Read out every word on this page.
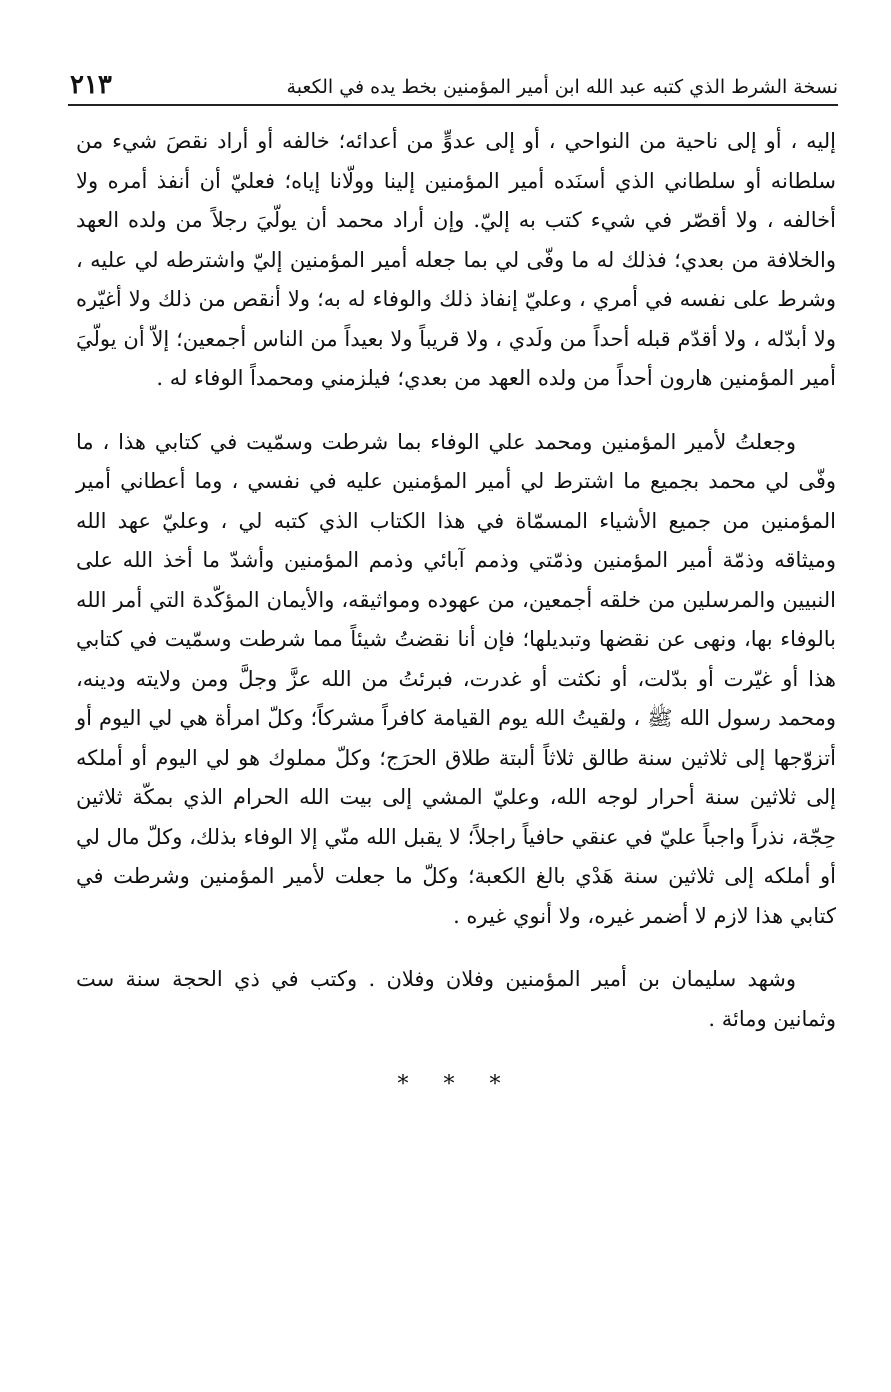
نسخة الشرط الذي كتبه عبد الله ابن أمير المؤمنين بخط يده في الكعبة
٢١٣

إليه ، أو إلى ناحية من النواحي ، أو إلى عدوٍّ من أعدائه؛ خالفه أو أراد نقصَ شيء من سلطانه أو سلطاني الذي أسنَده أمير المؤمنين إلينا وولّانا إياه؛ فعليّ أن أنفذ أمره ولا أخالفه ، ولا أقصّر في شيء كتب به إليّ. وإن أراد محمد أن يولّيَ رجلاً من ولده العهد والخلافة من بعدي؛ فذلك له ما وفّى لي بما جعله أمير المؤمنين إليّ واشترطه لي عليه ، وشرط على نفسه في أمري ، وعليّ إنفاذ ذلك والوفاء له به؛ ولا أنقص من ذلك ولا أغيّره ولا أبدّله ، ولا أقدّم قبله أحداً من ولَدي ، ولا قريباً ولا بعيداً من الناس أجمعين؛ إلاّ أن يولّيَ أمير المؤمنين هارون أحداً من ولده العهد من بعدي؛ فيلزمني ومحمداً الوفاء له .

وجعلتُ لأمير المؤمنين ومحمد علي الوفاء بما شرطت وسمّيت في كتابي هذا ، ما وفّى لي محمد بجميع ما اشترط لي أمير المؤمنين عليه في نفسي ، وما أعطاني أمير المؤمنين من جميع الأشياء المسمّاة في هذا الكتاب الذي كتبه لي ، وعليّ عهد الله وميثاقه وذمّة أمير المؤمنين وذمّتي وذمم آبائي وذمم المؤمنين وأشدّ ما أخذ الله على النبيين والمرسلين من خلقه أجمعين، من عهوده ومواثيقه، والأيمان المؤكّدة التي أمر الله بالوفاء بها، ونهى عن نقضها وتبديلها؛ فإن أنا نقضتُ شيئاً مما شرطت وسمّيت في كتابي هذا أو غيّرت أو بدّلت، أو نكثت أو غدرت، فبرئتُ من الله عزَّ وجلَّ ومن ولايته ودينه، ومحمد رسول الله ﷺ ، ولقيتُ الله يوم القيامة كافراً مشركاً؛ وكلّ امرأة هي لي اليوم أو أتزوّجها إلى ثلاثين سنة طالق ثلاثاً ألبتة طلاق الحرَج؛ وكلّ مملوك هو لي اليوم أو أملكه إلى ثلاثين سنة أحرار لوجه الله، وعليّ المشي إلى بيت الله الحرام الذي بمكّة ثلاثين حِجّة، نذراً واجباً عليّ في عنقي حافياً راجلاً؛ لا يقبل الله منّي إلا الوفاء بذلك، وكلّ مال لي أو أملكه إلى ثلاثين سنة هَدْي بالغ الكعبة؛ وكلّ ما جعلت لأمير المؤمنين وشرطت في كتابي هذا لازم لا أضمر غيره، ولا أنوي غيره .

وشهد سليمان بن أمير المؤمنين وفلان وفلان . وكتب في ذي الحجة سنة ست وثمانين ومائة .

* * *
